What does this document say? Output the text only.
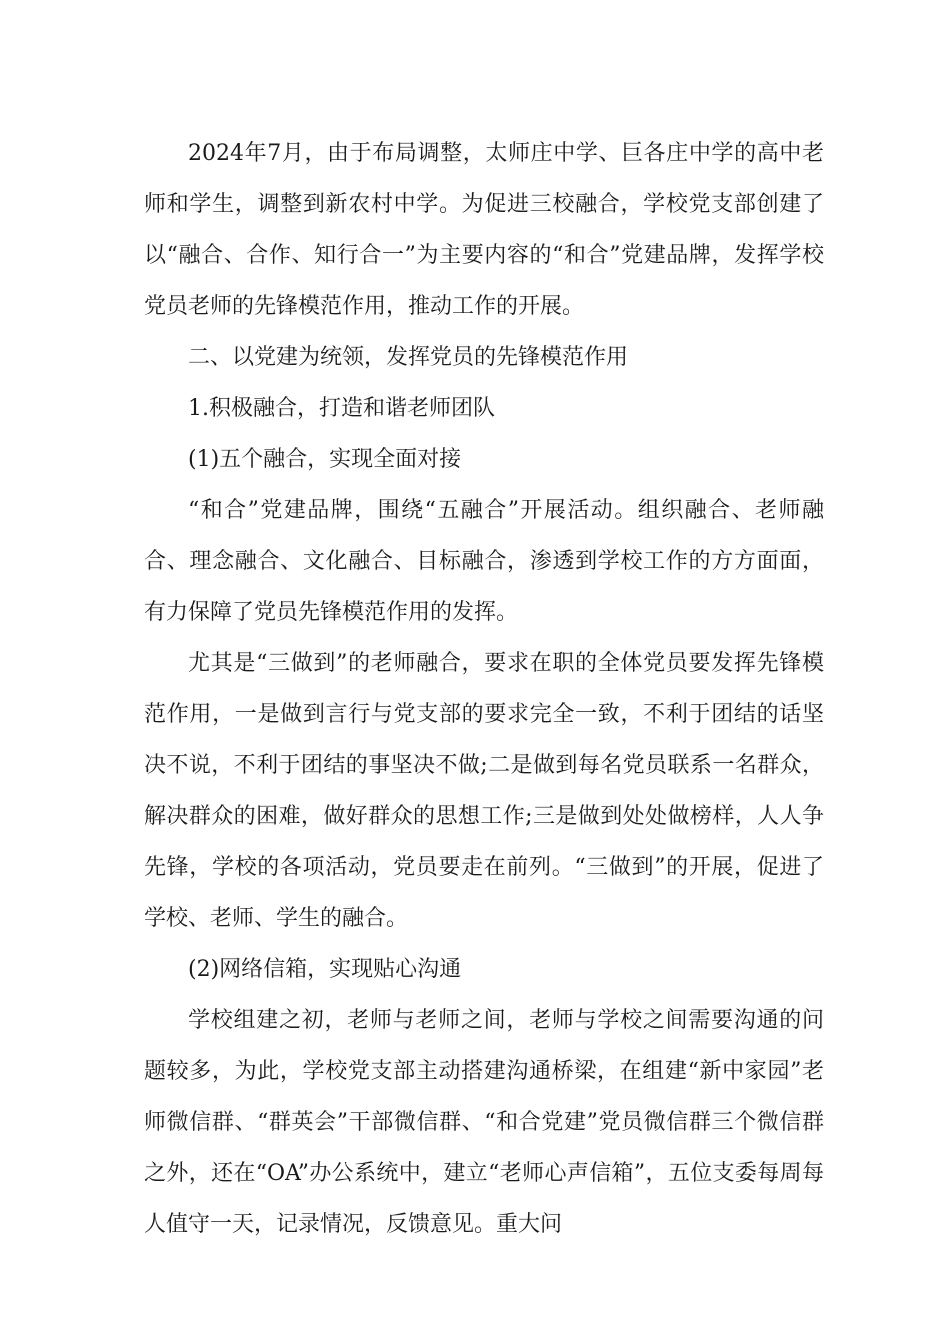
2024年7月，由于布局调整，太师庄中学、巨各庄中学的高中老师和学生，调整到新农村中学。为促进三校融合，学校党支部创建了以“融合、合作、知行合一”为主要内容的“和合”党建品牌，发挥学校党员老师的先锋模范作用，推动工作的开展。

二、以党建为统领，发挥党员的先锋模范作用

1.积极融合，打造和谐老师团队

(1)五个融合，实现全面对接

“和合”党建品牌，围绕“五融合”开展活动。组织融合、老师融合、理念融合、文化融合、目标融合，渗透到学校工作的方方面面，有力保障了党员先锋模范作用的发挥。

尤其是“三做到”的老师融合，要求在职的全体党员要发挥先锋模范作用，一是做到言行与党支部的要求完全一致，不利于团结的话坚决不说，不利于团结的事坚决不做;二是做到每名党员联系一名群众，解决群众的困难，做好群众的思想工作;三是做到处处做榜样，人人争先锋，学校的各项活动，党员要走在前列。“三做到”的开展，促进了学校、老师、学生的融合。

(2)网络信箱，实现贴心沟通

学校组建之初，老师与老师之间，老师与学校之间需要沟通的问题较多，为此，学校党支部主动搭建沟通桥梁，在组建“新中家园”老师微信群、“群英会”干部微信群、“和合党建”党员微信群三个微信群之外，还在“OA”办公系统中，建立“老师心声信箱”，五位支委每周每人值守一天，记录情况，反馈意见。重大问
